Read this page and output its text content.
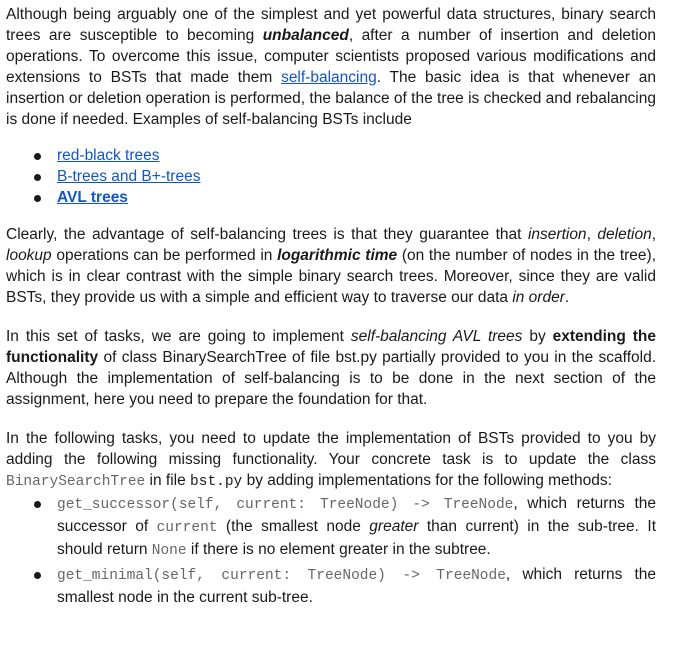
Although being arguably one of the simplest and yet powerful data structures, binary search trees are susceptible to becoming unbalanced, after a number of insertion and deletion operations. To overcome this issue, computer scientists proposed various modifications and extensions to BSTs that made them self-balancing. The basic idea is that whenever an insertion or deletion operation is performed, the balance of the tree is checked and rebalancing is done if needed. Examples of self-balancing BSTs include

red-black trees
B-trees and B+-trees
AVL trees

Clearly, the advantage of self-balancing trees is that they guarantee that insertion, deletion, lookup operations can be performed in logarithmic time (on the number of nodes in the tree), which is in clear contrast with the simple binary search trees. Moreover, since they are valid BSTs, they provide us with a simple and efficient way to traverse our data in order.

In this set of tasks, we are going to implement self-balancing AVL trees by extending the functionality of class BinarySearchTree of file bst.py partially provided to you in the scaffold. Although the implementation of self-balancing is to be done in the next section of the assignment, here you need to prepare the foundation for that.

In the following tasks, you need to update the implementation of BSTs provided to you by adding the following missing functionality. Your concrete task is to update the class BinarySearchTree in file bst.py by adding implementations for the following methods:

get_successor(self, current: TreeNode) -> TreeNode, which returns the successor of current (the smallest node greater than current) in the sub-tree. It should return None if there is no element greater in the subtree.

get_minimal(self, current: TreeNode) -> TreeNode, which returns the smallest node in the current sub-tree.
